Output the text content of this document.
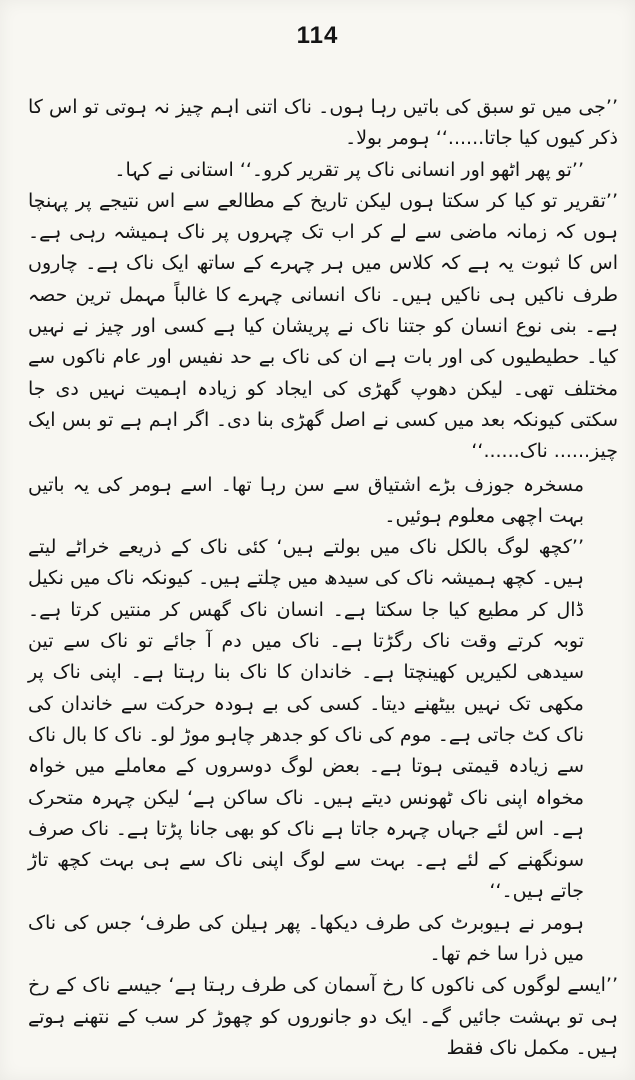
114

’’جی میں تو سبق کی باتیں رہا ہوں۔ ناک اتنی اہم چیز نہ ہوتی تو اس کا ذکر کیوں کیا جاتا......‘‘ ہومر بولا۔

’’تو پھر اٹھو اور انسانی ناک پر تقریر کرو۔‘‘ استانی نے کہا۔

’’تقریر تو کیا کر سکتا ہوں لیکن تاریخ کے مطالعے سے اس نتیجے پر پہنچا ہوں کہ زمانہ ماضی سے لے کر اب تک چہروں پر ناک ہمیشہ رہی ہے۔ اس کا ثبوت یہ ہے کہ کلاس میں ہر چہرے کے ساتھ ایک ناک ہے۔ چاروں طرف ناکیں ہی ناکیں ہیں۔ ناک انسانی چہرے کا غالباً مہمل ترین حصہ ہے۔ بنی نوع انسان کو جتنا ناک نے پریشان کیا ہے کسی اور چیز نے نہیں کیا۔ حطیطیوں کی اور بات ہے ان کی ناک بے حد نفیس اور عام ناکوں سے مختلف تھی۔ لیکن دھوپ گھڑی کی ایجاد کو زیادہ اہمیت نہیں دی جا سکتی کیونکہ بعد میں کسی نے اصل گھڑی بنا دی۔ اگر اہم ہے تو بس ایک چیز...... ناک......‘‘

مسخرہ جوزف بڑے اشتیاق سے سن رہا تھا۔ اسے ہومر کی یہ باتیں بہت اچھی معلوم ہوئیں۔

’’کچھ لوگ بالکل ناک میں بولتے ہیں‘ کئی ناک کے ذریعے خراٹے لیتے ہیں۔ کچھ ہمیشہ ناک کی سیدھ میں چلتے ہیں۔ کیونکہ ناک میں نکیل ڈال کر مطیع کیا جا سکتا ہے۔ انسان ناک گھس کر منتیں کرتا ہے۔ توبہ کرتے وقت ناک رگڑتا ہے۔ ناک میں دم آ جائے تو ناک سے تین سیدھی لکیریں کھینچتا ہے۔ خاندان کا ناک بنا رہتا ہے۔ اپنی ناک پر مکھی تک نہیں بیٹھنے دیتا۔ کسی کی بے ہودہ حرکت سے خاندان کی ناک کٹ جاتی ہے۔ موم کی ناک کو جدھر چاہو موڑ لو۔ ناک کا بال ناک سے زیادہ قیمتی ہوتا ہے۔ بعض لوگ دوسروں کے معاملے میں خواہ مخواہ اپنی ناک ٹھونس دیتے ہیں۔ ناک ساکن ہے‘ لیکن چہرہ متحرک ہے۔ اس لئے جہاں چہرہ جاتا ہے ناک کو بھی جانا پڑتا ہے۔ ناک صرف سونگھنے کے لئے ہے۔ بہت سے لوگ اپنی ناک سے ہی بہت کچھ تاڑ جاتے ہیں۔‘‘

ہومر نے ہیوبرٹ کی طرف دیکھا۔ پھر ہیلن کی طرف‘ جس کی ناک میں ذرا سا خم تھا۔

’’ایسے لوگوں کی ناکوں کا رخ آسمان کی طرف رہتا ہے‘ جیسے ناک کے رخ ہی تو بہشت جائیں گے۔ ایک دو جانوروں کو چھوڑ کر سب کے نتھنے ہوتے ہیں۔ مکمل ناک فقط
